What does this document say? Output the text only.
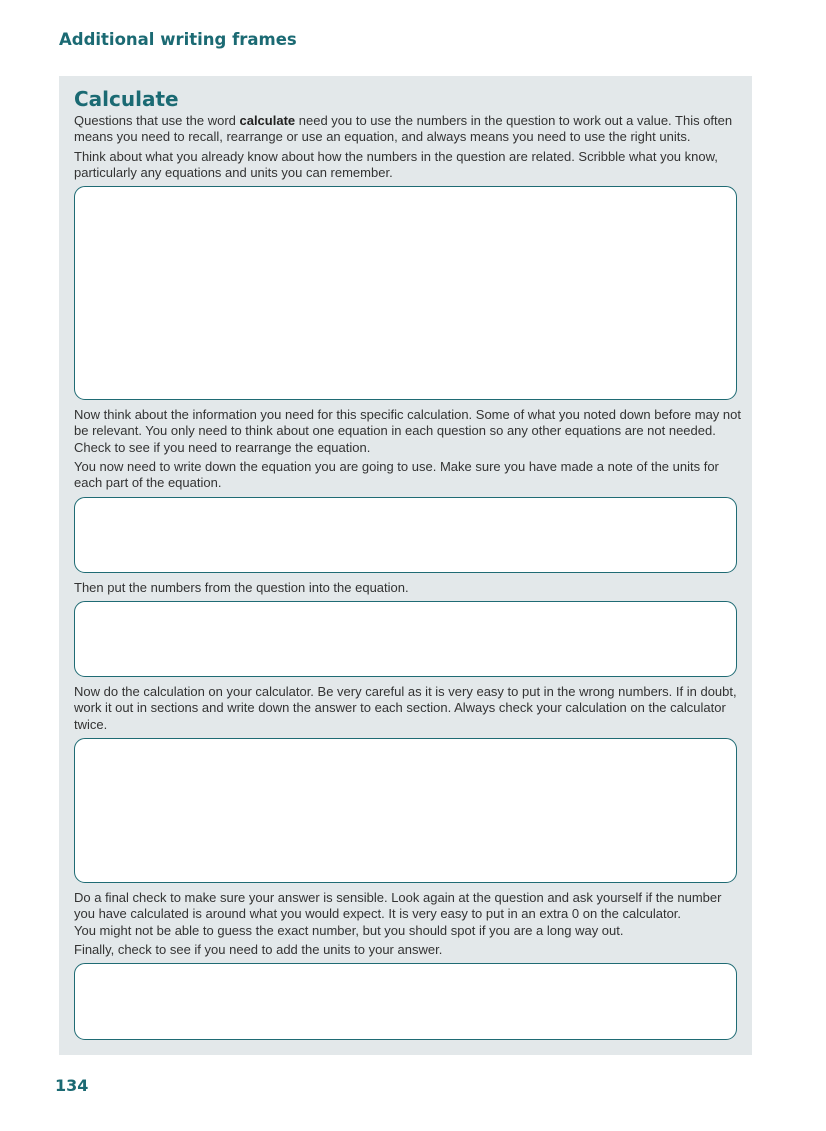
Additional writing frames
Calculate
Questions that use the word calculate need you to use the numbers in the question to work out a value. This often means you need to recall, rearrange or use an equation, and always means you need to use the right units.
Think about what you already know about how the numbers in the question are related. Scribble what you know, particularly any equations and units you can remember.
Now think about the information you need for this specific calculation. Some of what you noted down before may not be relevant. You only need to think about one equation in each question so any other equations are not needed. Check to see if you need to rearrange the equation.
You now need to write down the equation you are going to use. Make sure you have made a note of the units for each part of the equation.
Then put the numbers from the question into the equation.
Now do the calculation on your calculator. Be very careful as it is very easy to put in the wrong numbers. If in doubt, work it out in sections and write down the answer to each section. Always check your calculation on the calculator twice.
Do a final check to make sure your answer is sensible. Look again at the question and ask yourself if the number you have calculated is around what you would expect. It is very easy to put in an extra 0 on the calculator.
You might not be able to guess the exact number, but you should spot if you are a long way out.
Finally, check to see if you need to add the units to your answer.
134
